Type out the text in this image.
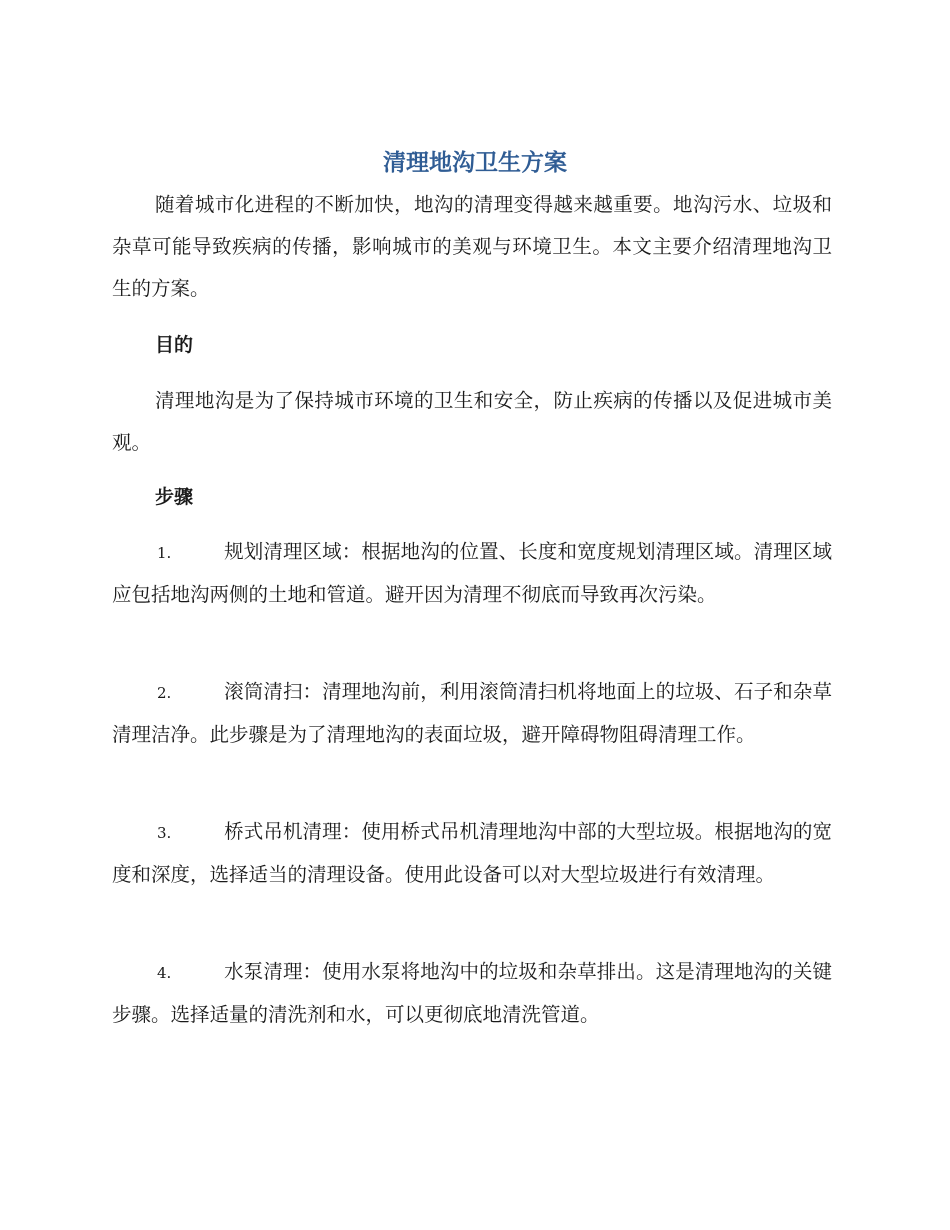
清理地沟卫生方案

随着城市化进程的不断加快，地沟的清理变得越来越重要。地沟污水、垃圾和杂草可能导致疾病的传播，影响城市的美观与环境卫生。本文主要介绍清理地沟卫生的方案。

目的

清理地沟是为了保持城市环境的卫生和安全，防止疾病的传播以及促进城市美观。

步骤
1.	规划清理区域：根据地沟的位置、长度和宽度规划清理区域。清理区域应包括地沟两侧的土地和管道。避开因为清理不彻底而导致再次污染。
2.	滚筒清扫：清理地沟前，利用滚筒清扫机将地面上的垃圾、石子和杂草清理洁净。此步骤是为了清理地沟的表面垃圾，避开障碍物阻碍清理工作。
3.	桥式吊机清理：使用桥式吊机清理地沟中部的大型垃圾。根据地沟的宽度和深度，选择适当的清理设备。使用此设备可以对大型垃圾进行有效清理。
4.	水泵清理：使用水泵将地沟中的垃圾和杂草排出。这是清理地沟的关键步骤。选择适量的清洗剂和水，可以更彻底地清洗管道。
